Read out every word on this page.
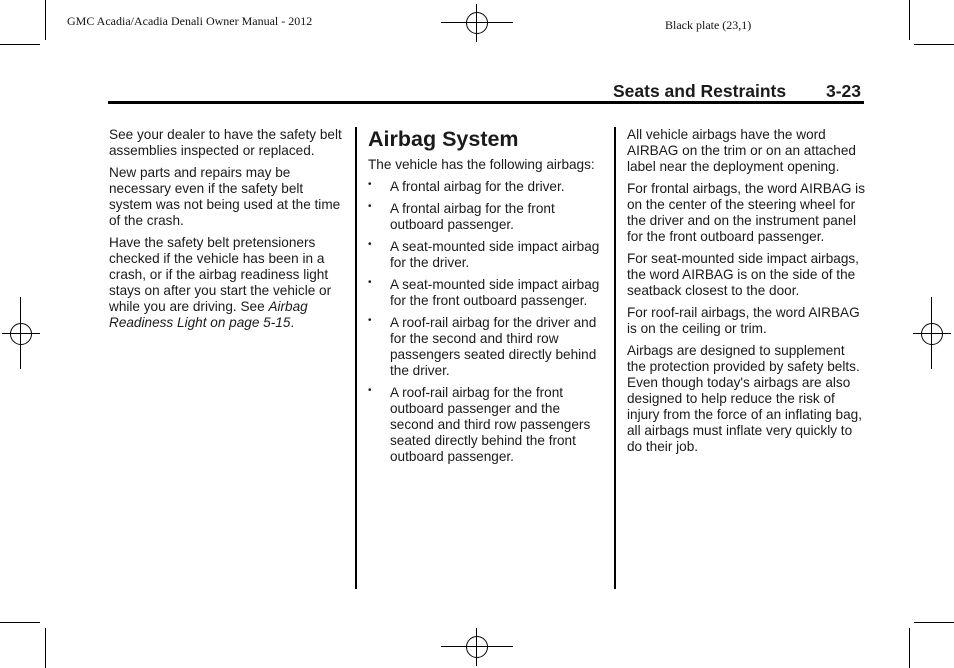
GMC Acadia/Acadia Denali Owner Manual - 2012	Black plate (23,1)
Seats and Restraints 3-23

See your dealer to have the safety belt assemblies inspected or replaced.

New parts and repairs may be necessary even if the safety belt system was not being used at the time of the crash.

Have the safety belt pretensioners checked if the vehicle has been in a crash, or if the airbag readiness light stays on after you start the vehicle or while you are driving. See Airbag Readiness Light on page 5-15.

Airbag System

The vehicle has the following airbags:

• A frontal airbag for the driver.
• A frontal airbag for the front outboard passenger.
• A seat-mounted side impact airbag for the driver.
• A seat-mounted side impact airbag for the front outboard passenger.
• A roof-rail airbag for the driver and for the second and third row passengers seated directly behind the driver.
• A roof-rail airbag for the front outboard passenger and the second and third row passengers seated directly behind the front outboard passenger.

All vehicle airbags have the word AIRBAG on the trim or on an attached label near the deployment opening.

For frontal airbags, the word AIRBAG is on the center of the steering wheel for the driver and on the instrument panel for the front outboard passenger.

For seat-mounted side impact airbags, the word AIRBAG is on the side of the seatback closest to the door.

For roof-rail airbags, the word AIRBAG is on the ceiling or trim.

Airbags are designed to supplement the protection provided by safety belts. Even though today's airbags are also designed to help reduce the risk of injury from the force of an inflating bag, all airbags must inflate very quickly to do their job.
